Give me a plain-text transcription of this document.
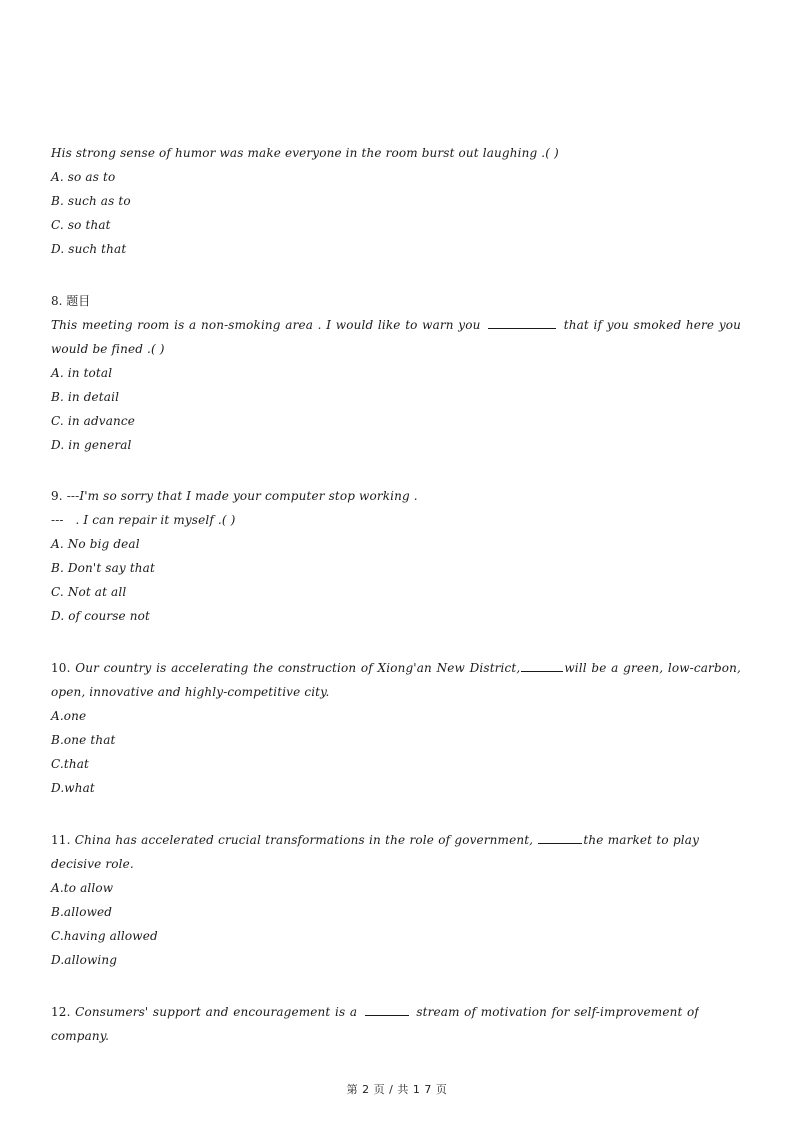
His strong sense of humor was make everyone in the room burst out laughing .( )
A. so as to
B. such as to
C. so that
D. such that
8. 题目
This meeting room is a non-smoking area . I would like to warn you	that if you smoked here you
would be fined .( )
A. in total
B. in detail
C. in advance
D. in general
9. ---I'm so sorry that I made your computer stop working .
---   . I can repair it myself .( )
A. No big deal
B. Don't say that
C. Not at all
D. of course not
10. Our country is accelerating the construction of Xiong'an New District,	will be a green, low-carbon,
open, innovative and highly-competitive city.
A.one
B.one that
C.that
D.what
11. China has accelerated crucial transformations in the role of government,	the market to play
decisive role.
A.to allow
B.allowed
C.having allowed
D.allowing
12. Consumers' support and encouragement is a	stream of motivation for self-improvement of
company.
第 2 页 / 共 1 7 页
